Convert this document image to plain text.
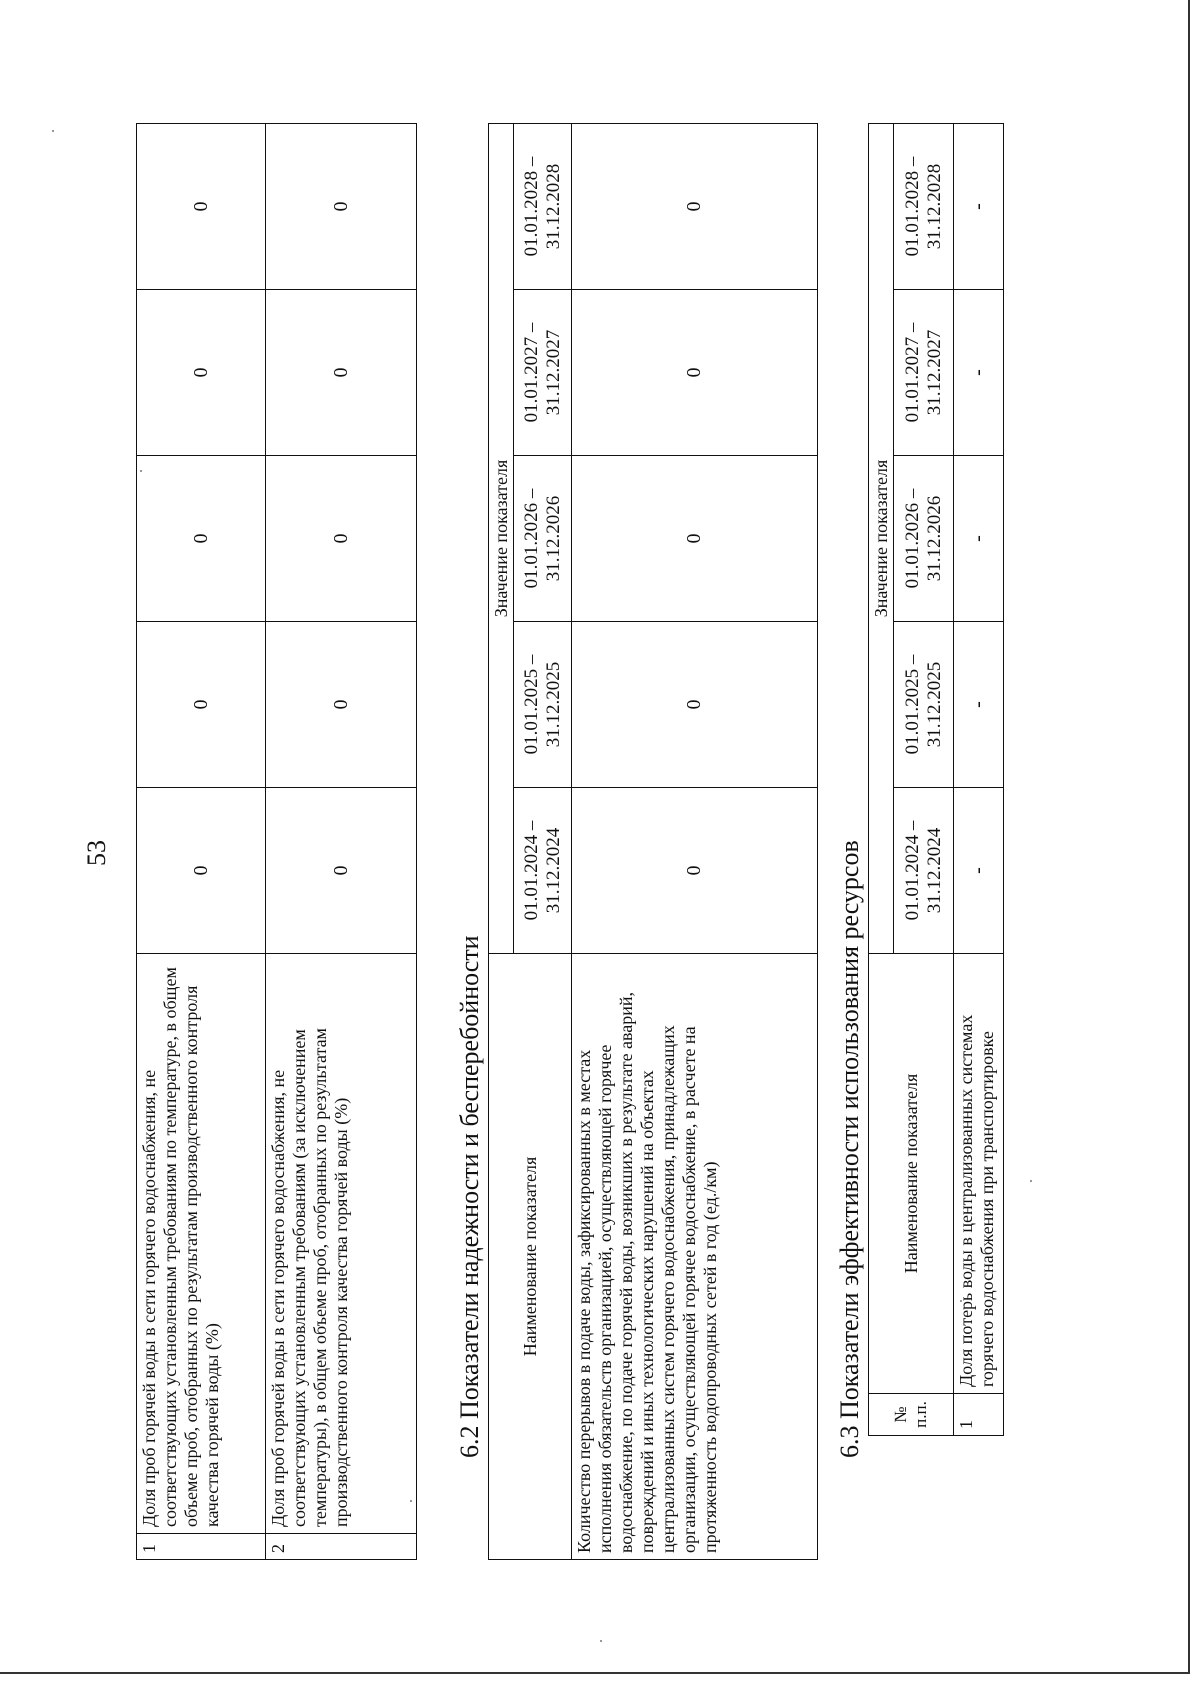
53
1	Доля проб горячей воды в сети горячего водоснабжения, не соответствующих установленным требованиям по температуре, в общем объеме проб, отобранных по результатам производственного контроля качества горячей воды (%)	0	0	0	0	0
2	Доля проб горячей воды в сети горячего водоснабжения, не соответствующих установленным требованиям (за исключением температуры), в общем объеме проб, отобранных по результатам производственного контроля качества горячей воды (%)	0	0	0	0	0
6.2 Показатели надежности и бесперебойности Наименование показателя	Значение показателя				
	01.01.2024 – 31.12.2024	01.01.2025 – 31.12.2025	01.01.2026 – 31.12.2026	01.01.2027 – 31.12.2027	01.01.2028 – 31.12.2028
Количество перерывов в подаче воды, зафиксированных в местах исполнения обязательств организацией, осуществляющей горячее водоснабжение, по подаче горячей воды, возникших в результате аварий, повреждений и иных технологических нарушений на объектах централизованных систем горячего водоснабжения, принадлежащих организации, осуществляющей горячее водоснабжение, в расчете на протяженность водопроводных сетей в год (ед./км)	0	0	0	0	0
6.3 Показатели эффективности использования ресурсов № п.п.	Наименование показателя	Значение показателя				
		01.01.2024 – 31.12.2024	01.01.2025 – 31.12.2025	01.01.2026 – 31.12.2026	01.01.2027 – 31.12.2027	01.01.2028 – 31.12.2028
1	Доля потерь воды в централизованных системах горячего водоснабжения при транспортировке	-	-	-	-	-
